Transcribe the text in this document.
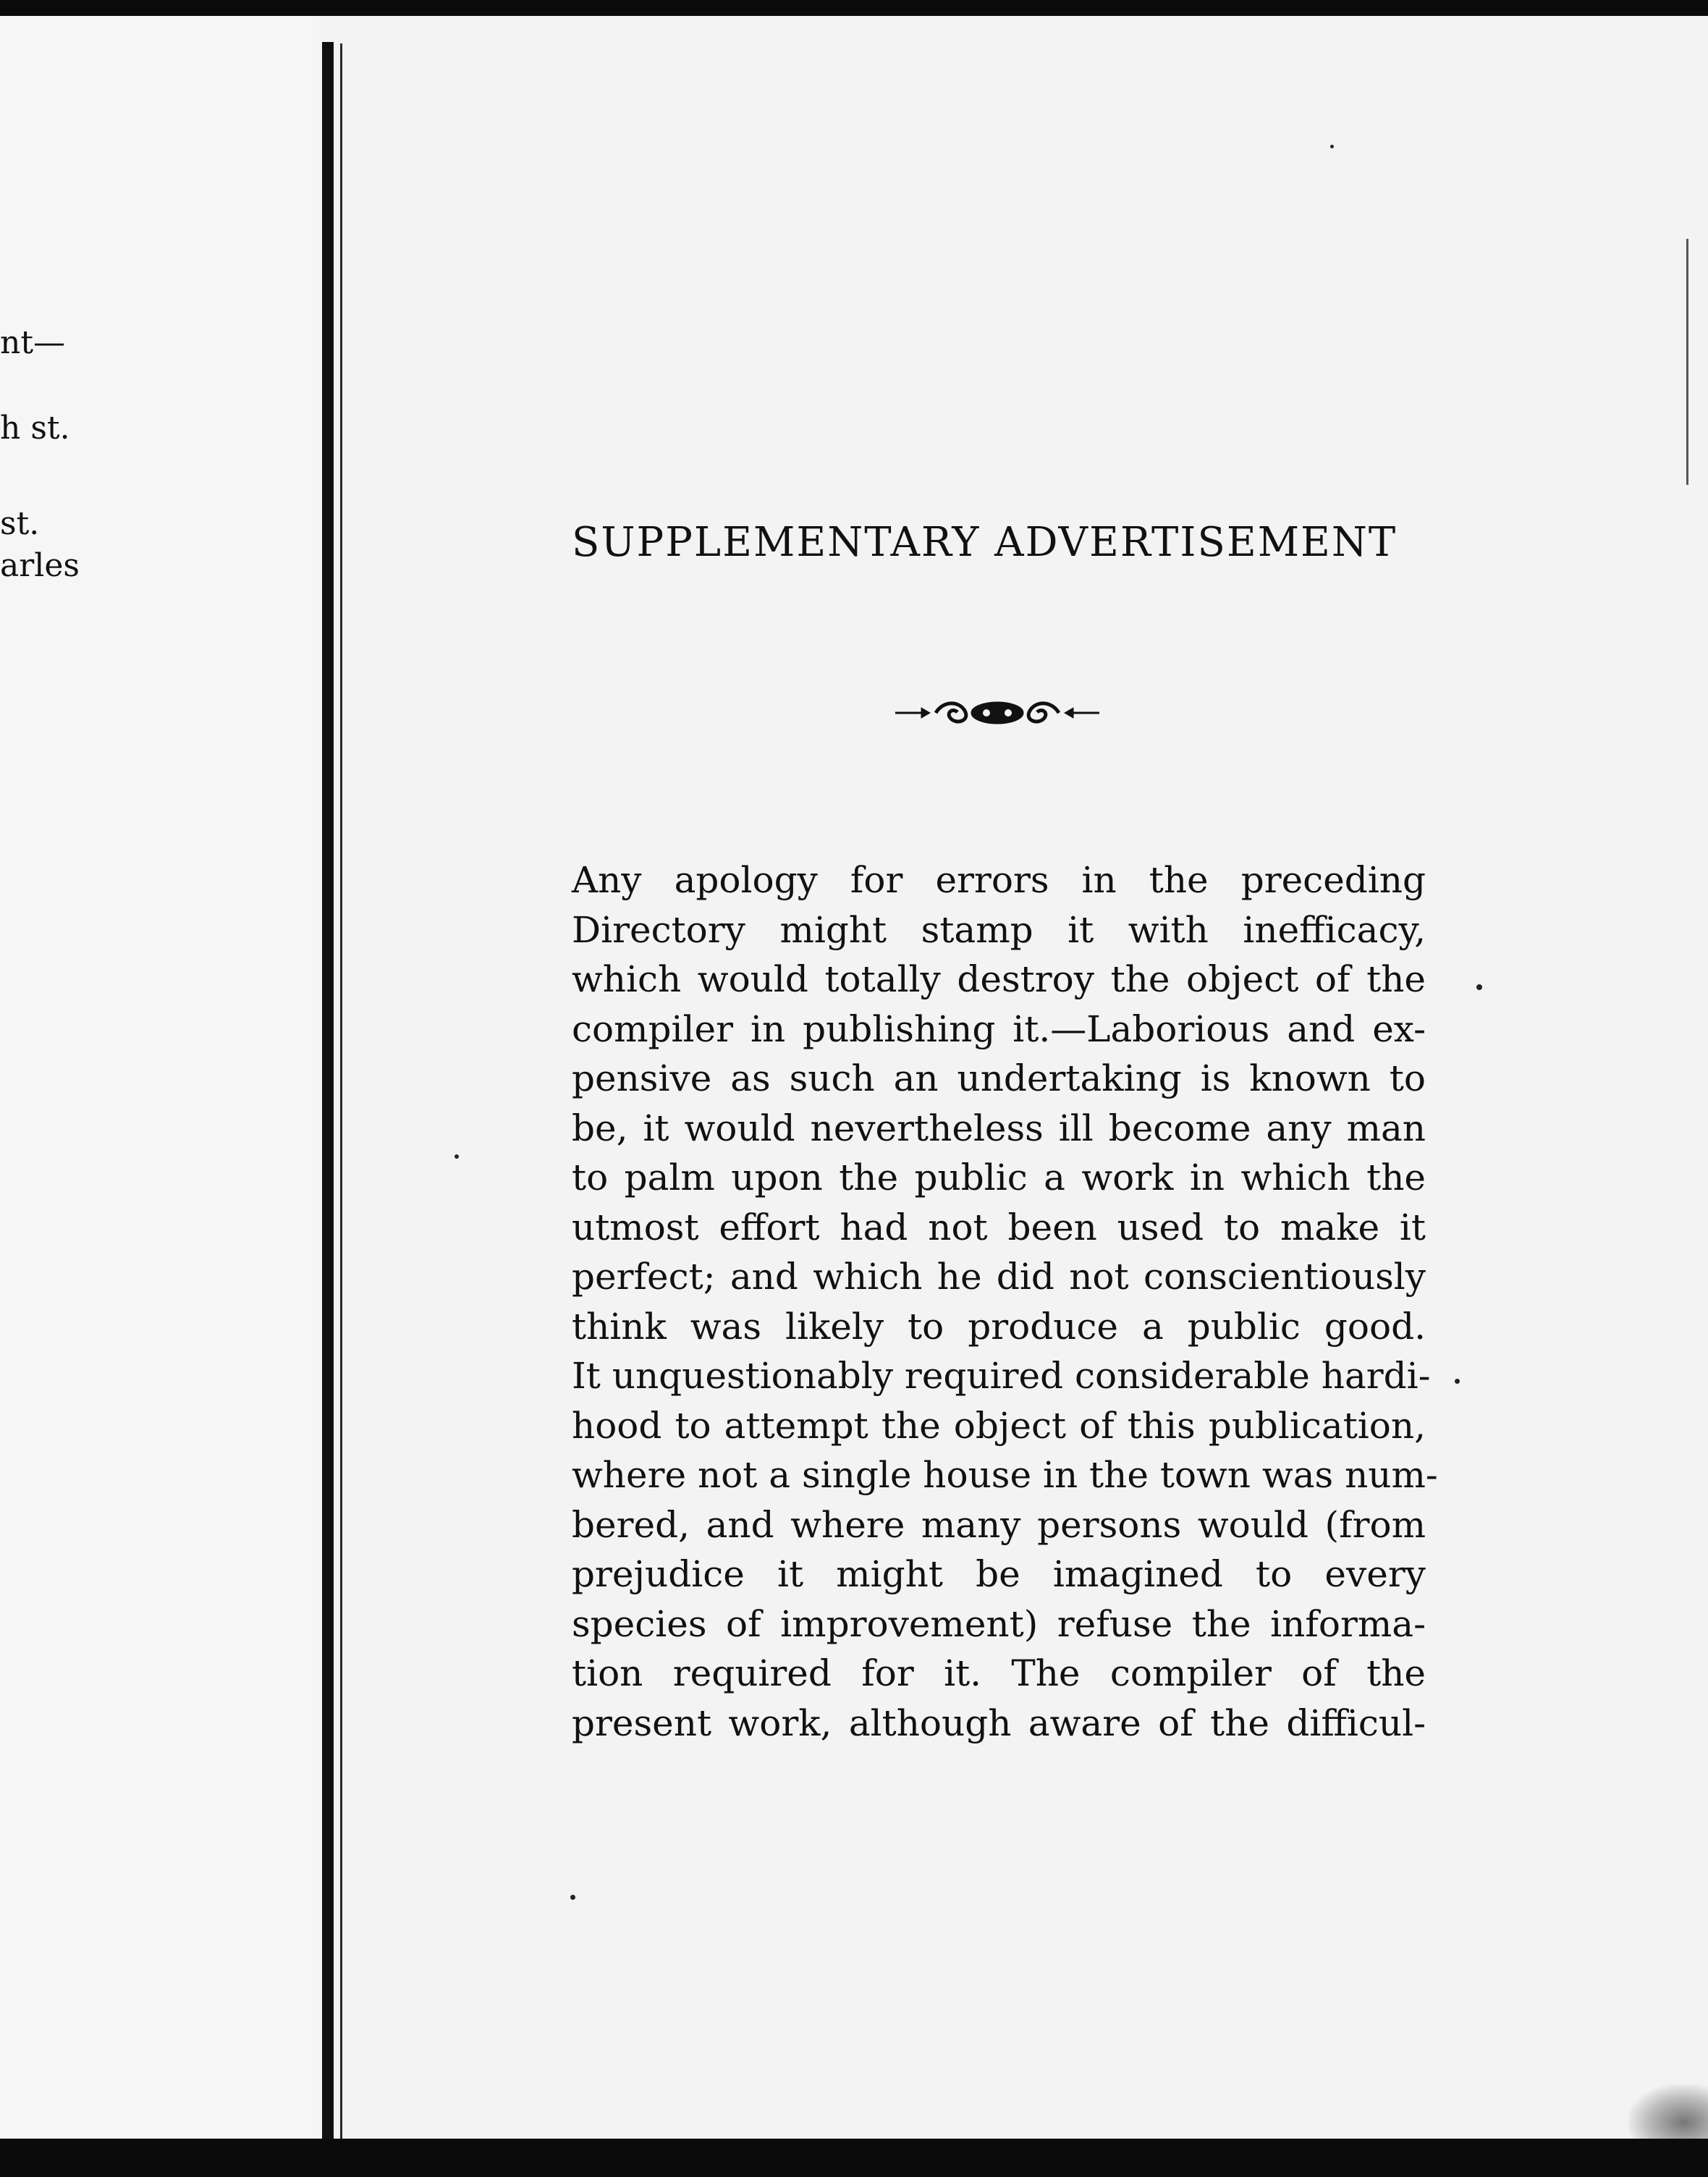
nt—
h st.
st.
arles	SUPPLEMENTARY ADVERTISEMENT
Any apology for errors in the preceding
Directory might stamp it with inefficacy,
which would totally destroy the object of the
compiler in publishing it.—Laborious and ex-
pensive as such an undertaking is known to
be, it would nevertheless ill become any man
to palm upon the public a work in which the
utmost effort had not been used to make it
perfect; and which he did not conscientiously
think was likely to produce a public good.
It unquestionably required considerable hardi-
hood to attempt the object of this publication,
where not a single house in the town was num-
bered, and where many persons would (from
prejudice it might be imagined to every
species of improvement) refuse the informa-
tion required for it. The compiler of the
present work, although aware of the difficul-
